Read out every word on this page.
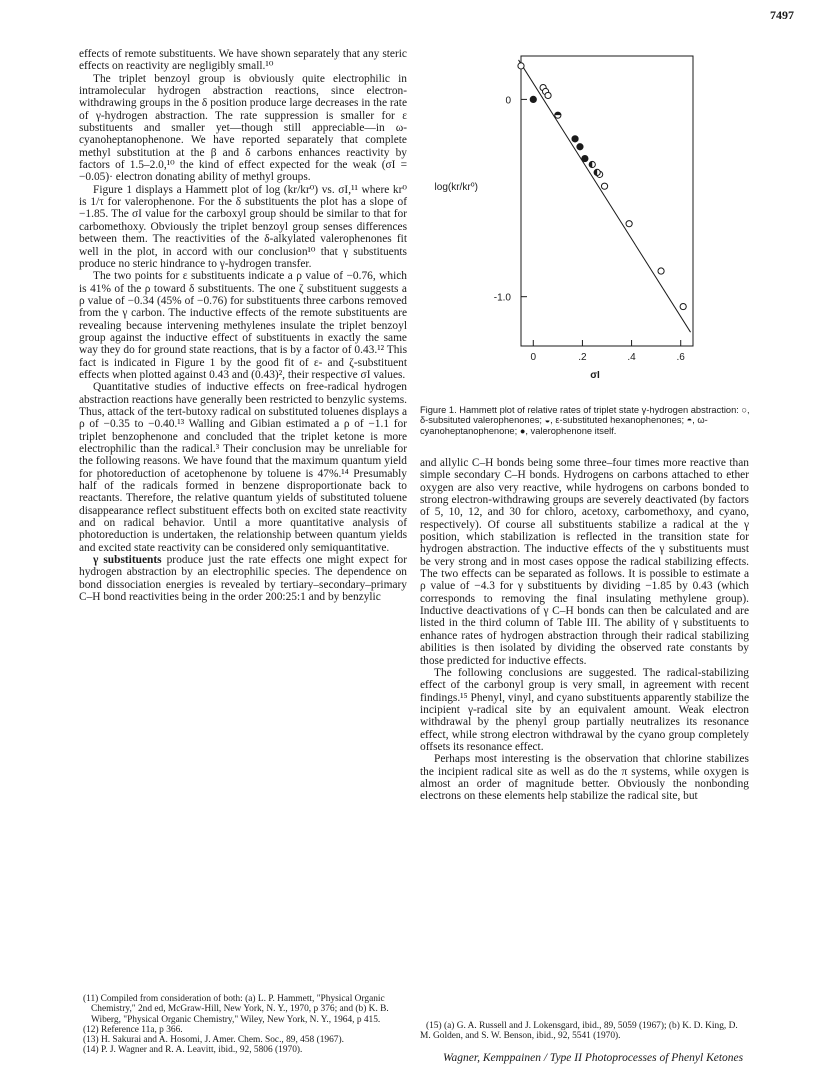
7497

effects of remote substituents. We have shown separately that any steric effects on reactivity are negligibly small.¹⁰

The triplet benzoyl group is obviously quite electrophilic in intramolecular hydrogen abstraction reactions, since electron-withdrawing groups in the δ position produce large decreases in the rate of γ-hydrogen abstraction. The rate suppression is smaller for ε substituents and smaller yet—though still appreciable—in ω-cyanoheptanophenone. We have reported separately that complete methyl substitution at the β and δ carbons enhances reactivity by factors of 1.5–2.0,¹⁰ the kind of effect expected for the weak (σI = −0.05)· electron donating ability of methyl groups.

Figure 1 displays a Hammett plot of log (kr/kr⁰) vs. σI,¹¹ where kr⁰ is 1/τ for valerophenone. For the δ substituents the plot has a slope of −1.85. The σI value for the carboxyl group should be similar to that for carbomethoxy. Obviously the triplet benzoyl group senses differences between them. The reactivities of the δ-alkylated valerophenones fit well in the plot, in accord with our conclusion¹⁰ that γ substituents produce no steric hindrance to γ-hydrogen transfer.

The two points for ε substituents indicate a ρ value of −0.76, which is 41% of the ρ toward δ substituents. The one ζ substituent suggests a ρ value of −0.34 (45% of −0.76) for substituents three carbons removed from the γ carbon. The inductive effects of the remote substituents are revealing because intervening methylenes insulate the triplet benzoyl group against the inductive effect of substituents in exactly the same way they do for ground state reactions, that is by a factor of 0.43.¹² This fact is indicated in Figure 1 by the good fit of ε- and ζ-substituent effects when plotted against 0.43 and (0.43)², their respective σI values.

Quantitative studies of inductive effects on free-radical hydrogen abstraction reactions have generally been restricted to benzylic systems. Thus, attack of the tert-butoxy radical on substituted toluenes displays a ρ of −0.35 to −0.40.¹³ Walling and Gibian estimated a ρ of −1.1 for triplet benzophenone and concluded that the triplet ketone is more electrophilic than the radical.³ Their conclusion may be unreliable for the following reasons. We have found that the maximum quantum yield for photoreduction of acetophenone by toluene is 47%.¹⁴ Presumably half of the radicals formed in benzene disproportionate back to reactants. Therefore, the relative quantum yields of substituted toluene disappearance reflect substituent effects both on excited state reactivity and on radical behavior. Until a more quantitative analysis of photoreduction is undertaken, the relationship between quantum yields and excited state reactivity can be considered only semiquantitative.

γ substituents produce just the rate effects one might expect for hydrogen abstraction by an electrophilic species. The dependence on bond dissociation energies is revealed by tertiary–secondary–primary C–H bond reactivities being in the order 200:25:1 and by benzylic

(11) Compiled from consideration of both: (a) L. P. Hammett, "Physical Organic Chemistry," 2nd ed, McGraw-Hill, New York, N. Y., 1970, p 376; and (b) K. B. Wiberg, "Physical Organic Chemistry," Wiley, New York, N. Y., 1964, p 415.
(12) Reference 11a, p 366.
(13) H. Sakurai and A. Hosomi, J. Amer. Chem. Soc., 89, 458 (1967).
(14) P. J. Wagner and R. A. Leavitt, ibid., 92, 5806 (1970).
0	.2	.4	.6
0
-1.0
log(kr/kr⁰)
σI
Figure 1. Hammett plot of relative rates of triplet state γ-hydrogen abstraction: ○, δ-subsituted valerophenones; ◒, ε-substituted hexanophenones; ◓, ω-cyanoheptanophenone; ●, valerophenone itself.

and allylic C–H bonds being some three–four times more reactive than simple secondary C–H bonds. Hydrogens on carbons attached to ether oxygen are also very reactive, while hydrogens on carbons bonded to strong electron-withdrawing groups are severely deactivated (by factors of 5, 10, 12, and 30 for chloro, acetoxy, carbomethoxy, and cyano, respectively). Of course all substituents stabilize a radical at the γ position, which stabilization is reflected in the transition state for hydrogen abstraction. The inductive effects of the γ substituents must be very strong and in most cases oppose the radical stabilizing effects. The two effects can be separated as follows. It is possible to estimate a ρ value of −4.3 for γ substituents by dividing −1.85 by 0.43 (which corresponds to removing the final insulating methylene group). Inductive deactivations of γ C–H bonds can then be calculated and are listed in the third column of Table III. The ability of γ substituents to enhance rates of hydrogen abstraction through their radical stabilizing abilities is then isolated by dividing the observed rate constants by those predicted for inductive effects.

The following conclusions are suggested. The radical-stabilizing effect of the carbonyl group is very small, in agreement with recent findings.¹⁵ Phenyl, vinyl, and cyano substituents apparently stabilize the incipient γ-radical site by an equivalent amount. Weak electron withdrawal by the phenyl group partially neutralizes its resonance effect, while strong electron withdrawal by the cyano group completely offsets its resonance effect.

Perhaps most interesting is the observation that chlorine stabilizes the incipient radical site as well as do the π systems, while oxygen is almost an order of magnitude better. Obviously the nonbonding electrons on these elements help stabilize the radical site, but

(15) (a) G. A. Russell and J. Lokensgard, ibid., 89, 5059 (1967); (b) K. D. King, D. M. Golden, and S. W. Benson, ibid., 92, 5541 (1970).
Wagner, Kemppainen / Type II Photoprocesses of Phenyl Ketones
